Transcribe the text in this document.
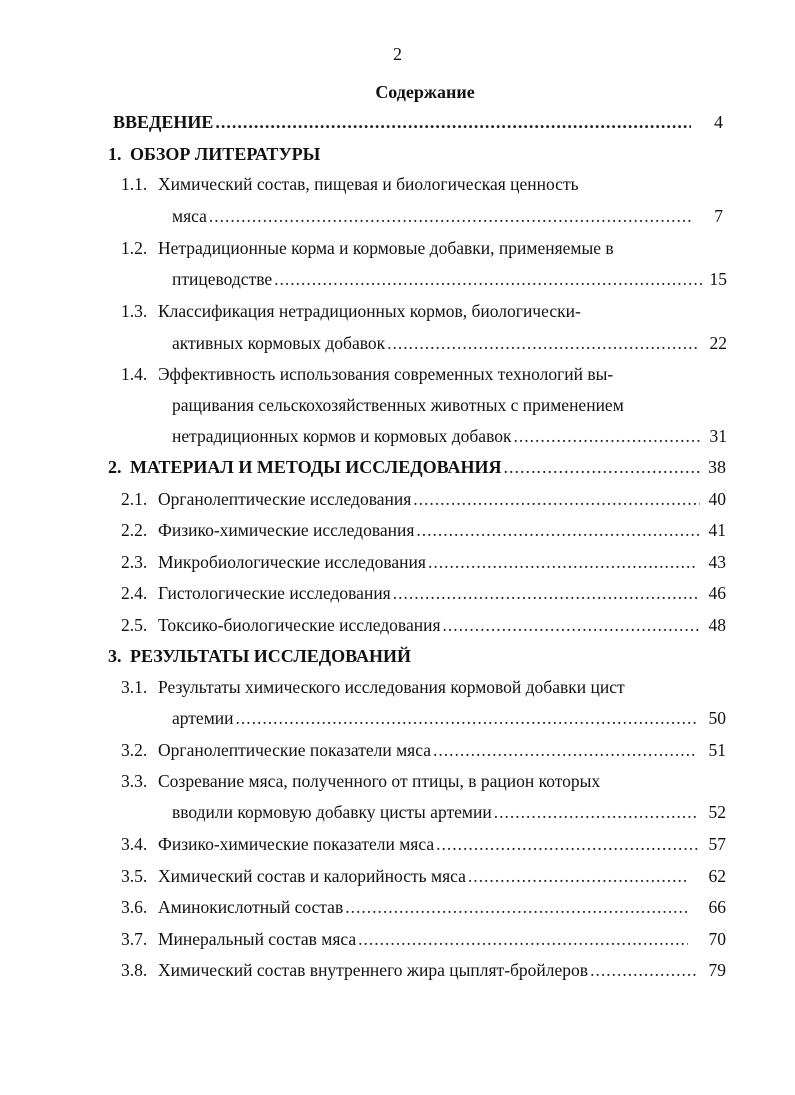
2
Содержание
ВВЕДЕНИЕ .....	4
1. ОБЗОР ЛИТЕРАТУРЫ
1.1. Химический состав, пищевая и биологическая ценность
мяса .....	7
1.2. Нетрадиционные корма и кормовые добавки, применяемые в
птицеводстве .....	15
1.3. Классификация нетрадиционных кормов, биологически-
активных кормовых добавок .....	22
1.4. Эффективность использования современных технологий вы-
ращивания сельскохозяйственных животных с применением
нетрадиционных кормов и кормовых добавок .....	31
2. МАТЕРИАЛ И МЕТОДЫ ИССЛЕДОВАНИЯ .....	38
2.1. Органолептические исследования .....	40
2.2. Физико-химические исследования .....	41
2.3. Микробиологические исследования .....	43
2.4. Гистологические исследования .....	46
2.5. Токсико-биологические исследования .....	48
3. РЕЗУЛЬТАТЫ ИССЛЕДОВАНИЙ
3.1. Результаты химического исследования кормовой добавки цист
артемии .....	50
3.2. Органолептические показатели мяса .....	51
3.3. Созревание мяса, полученного от птицы, в рацион которых
вводили кормовую добавку цисты артемии .....	52
3.4. Физико-химические показатели мяса .....	57
3.5. Химический состав и калорийность мяса .....	62
3.6. Аминокислотный состав .....	66
3.7. Минеральный состав мяса .....	70
3.8. Химический состав внутреннего жира цыплят-бройлеров .....	79
